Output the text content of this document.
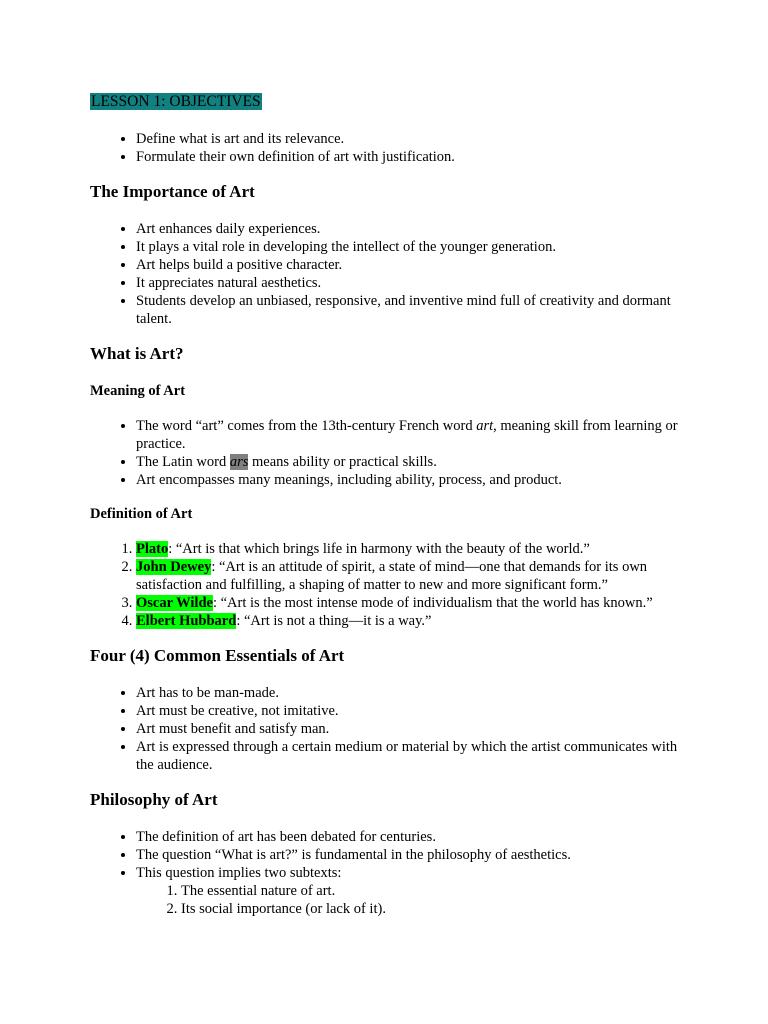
LESSON 1: OBJECTIVES
• Define what is art and its relevance.
• Formulate their own definition of art with justification.
The Importance of Art
• Art enhances daily experiences.
• It plays a vital role in developing the intellect of the younger generation.
• Art helps build a positive character.
• It appreciates natural aesthetics.
• Students develop an unbiased, responsive, and inventive mind full of creativity and dormant talent.
What is Art?
Meaning of Art
• The word “art” comes from the 13th-century French word art, meaning skill from learning or practice.
• The Latin word ars means ability or practical skills.
• Art encompasses many meanings, including ability, process, and product.
Definition of Art
1. Plato: “Art is that which brings life in harmony with the beauty of the world.”
2. John Dewey: “Art is an attitude of spirit, a state of mind—one that demands for its own satisfaction and fulfilling, a shaping of matter to new and more significant form.”
3. Oscar Wilde: “Art is the most intense mode of individualism that the world has known.”
4. Elbert Hubbard: “Art is not a thing—it is a way.”
Four (4) Common Essentials of Art
• Art has to be man-made.
• Art must be creative, not imitative.
• Art must benefit and satisfy man.
• Art is expressed through a certain medium or material by which the artist communicates with the audience.
Philosophy of Art
• The definition of art has been debated for centuries.
• The question “What is art?” is fundamental in the philosophy of aesthetics.
• This question implies two subtexts:
1. The essential nature of art.
2. Its social importance (or lack of it).
